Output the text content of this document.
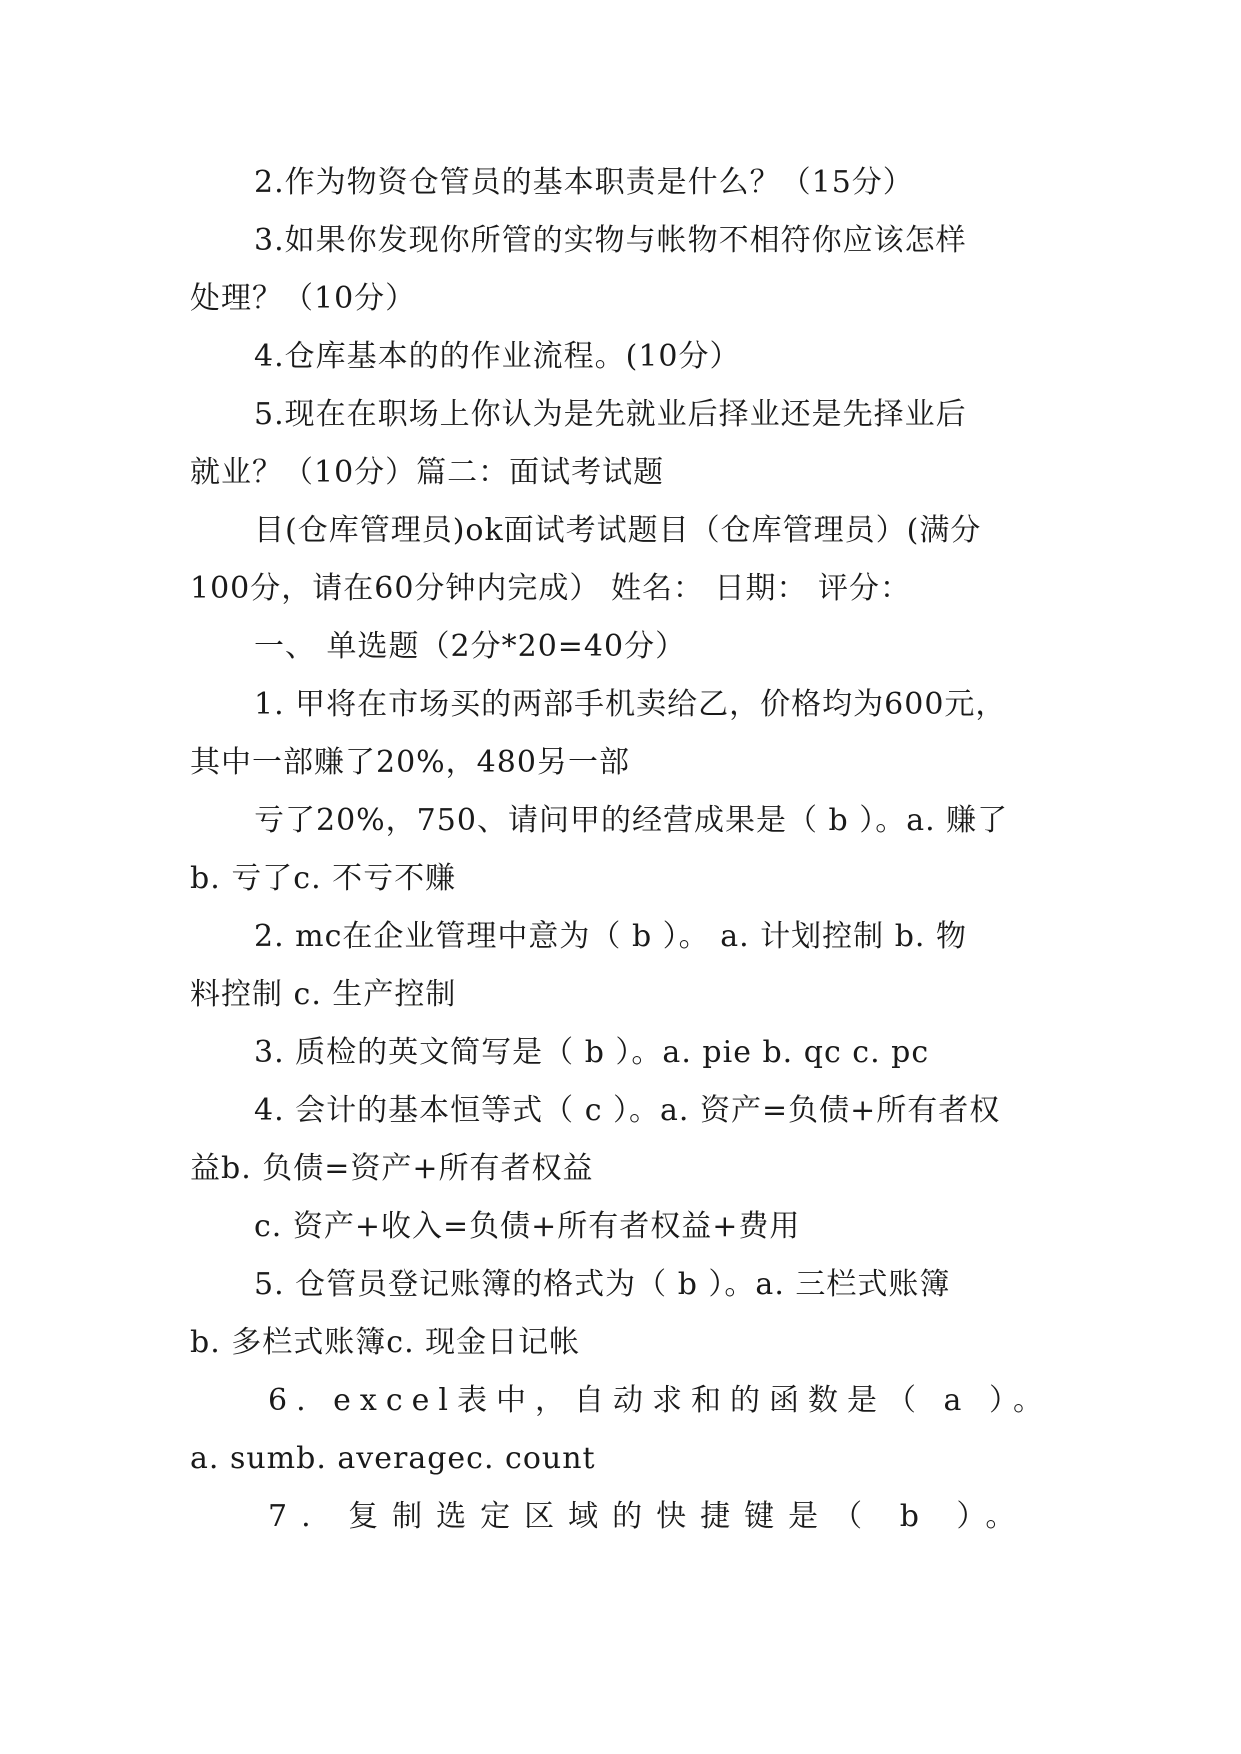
2.作为物资仓管员的基本职责是什么？（15分）
3.如果你发现你所管的实物与帐物不相符你应该怎样
处理？（10分）
4.仓库基本的的作业流程。(10分）
5.现在在职场上你认为是先就业后择业还是先择业后
就业？（10分）篇二：面试考试题
目(仓库管理员)ok面试考试题目（仓库管理员）(满分
100分，请在60分钟内完成） 姓名： 日期： 评分：
一、 单选题（2分*20=40分）
1. 甲将在市场买的两部手机卖给乙，价格均为600元，
其中一部赚了20%，480另一部
亏了20%，750、请问甲的经营成果是（ b ）。a. 赚了
b. 亏了c. 不亏不赚
2. mc在企业管理中意为（ b ）。 a. 计划控制 b. 物
料控制 c. 生产控制
3. 质检的英文简写是（ b ）。a. pie b. qc c. pc
4. 会计的基本恒等式（ c ）。a. 资产=负债+所有者权
益b. 负债=资产+所有者权益
c. 资产+收入=负债+所有者权益+费用
5. 仓管员登记账簿的格式为（ b ）。a. 三栏式账簿
b. 多栏式账簿c. 现金日记帐
6. excel表中，自动求和的函数是（ a ）。
a. sumb. averagec. count
7. 复制选定区域的快捷键是（ b ）。
